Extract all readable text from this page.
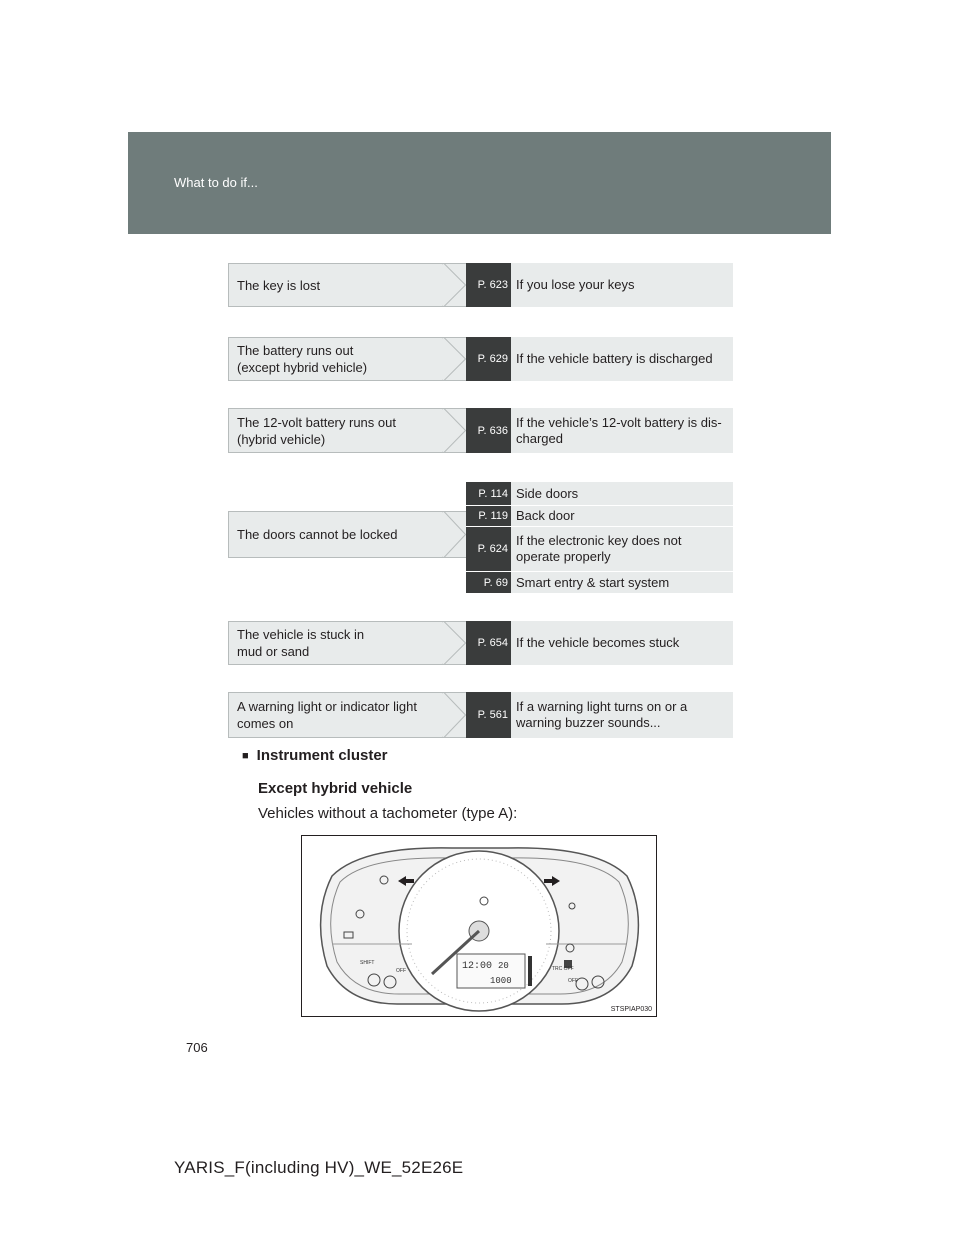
What to do if...
The key is lost	P. 623 If you lose your keys
The battery runs out
(except hybrid vehicle)
P. 629 If the vehicle battery is discharged
The 12-volt battery runs out
(hybrid vehicle)
P. 636
If the vehicle’s 12-volt battery is dis-
charged
The doors cannot be locked
P. 114 Side doors
P. 119 Back door
P. 624
If the electronic key does not
operate properly
P. 69 Smart entry & start system
The vehicle is stuck in
mud or sand
P. 654 If the vehicle becomes stuck
A warning light or indicator light
comes on
P. 561
If a warning light turns on or a
warning buzzer sounds...
■ Instrument cluster
Except hybrid vehicle
Vehicles without a tachometer (type A):
12:00 20
1000
SHIFT
OFF	TRC OFF
OFF
STSPIAP030
706
YARIS_F(including HV)_WE_52E26E
